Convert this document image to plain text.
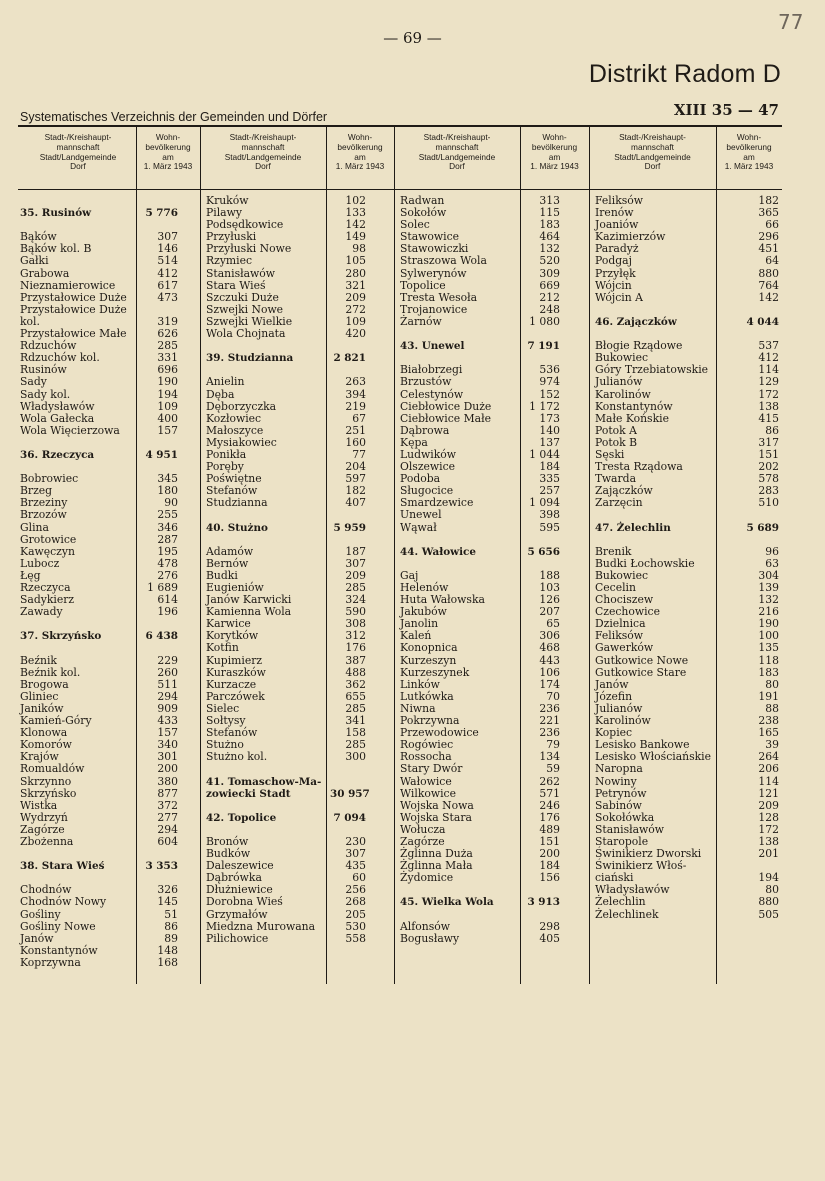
— 69 —
77
Distrikt Radom D
Systematisches Verzeichnis der Gemeinden und Dörfer	XIII 35 — 47
Stadt-/Kreishaupt-
mannschaft
Stadt/Landgemeinde
Dorf
Wohn-
bevölkerung
am
1. März 1943
Stadt-/Kreishaupt-
mannschaft
Stadt/Landgemeinde
Dorf
Wohn-
bevölkerung
am
1. März 1943
Stadt-/Kreishaupt-
mannschaft
Stadt/Landgemeinde
Dorf
Wohn-
bevölkerung
am
1. März 1943
Stadt-/Kreishaupt-
mannschaft
Stadt/Landgemeinde
Dorf
Wohn-
bevölkerung
am
1. März 1943
35. Rusinów	5 776
Bąków	307
Bąków kol. B	146
Gałki	514
Grabowa	412
Nieznamierowice	617
Przystałowice Duże	473
Przystałowice Duże
kol.	319
Przystałowice Małe	626
Rdzuchów	285
Rdzuchów kol.	331
Rusinów	696
Sady	190
Sady kol.	194
Władysławów	109
Wola Gałecka	400
Wola Więcierzowa	157
36. Rzeczyca	4 951
Bobrowiec	345
Brzeg	180
Brzeziny	90
Brzozów	255
Glina	346
Grotowice	287
Kawęczyn	195
Lubocz	478
Łęg	276
Rzeczyca	1 689
Sadykierz	614
Zawady	196
37. Skrzyńsko	6 438
Beźnik	229
Beźnik kol.	260
Brogowa	511
Gliniec	294
Janików	909
Kamień-Góry	433
Klonowa	157
Komorów	340
Krajów	301
Romualdów	200
Skrzynno	380
Skrzyńsko	877
Wistka	372
Wydrzyń	277
Zagórze	294
Zbożenna	604
38. Stara Wieś	3 353
Chodnów	326
Chodnów Nowy	145
Gośliny	51
Gośliny Nowe	86
Janów	89
Konstantynów	148
Koprzywna	168
Kruków	102
Pilawy	133
Podsędkowice	142
Przyłuski	149
Przyłuski Nowe	98
Rzymiec	105
Stanisławów	280
Stara Wieś	321
Szczuki Duże	209
Szwejki Nowe	272
Szwejki Wielkie	109
Wola Chojnata	420
39. Studzianna	2 821
Anielin	263
Dęba	394
Dęborzyczka	219
Kozłowiec	67
Małoszyce	251
Mysiakowiec	160
Ponikła	77
Poręby	204
Poświętne	597
Stefanów	182
Studzianna	407
40. Stużno	5 959
Adamów	187
Bernów	307
Budki	209
Eugieniów	285
Janów Karwicki	324
Kamienna Wola	590
Karwice	308
Korytków	312
Kotfin	176
Kupimierz	387
Kuraszków	488
Kurzacze	362
Parczówek	655
Sielec	285
Sołtysy	341
Stefanów	158
Stużno	285
Stużno kol.	300
41. Tomaschow-Ma-
zowiecki Stadt	30 957
42. Topolice	7 094
Bronów	230
Budków	307
Daleszewice	435
Dąbrówka	60
Dłużniewice	256
Dorobna Wieś	268
Grzymałów	205
Miedzna Murowana	530
Pilichowice	558
Radwan	313
Sokołów	115
Solec	183
Stawowice	464
Stawowiczki	132
Straszowa Wola	520
Sylwerynów	309
Topolice	669
Tresta Wesoła	212
Trojanowice	248
Żarnów	1 080
43. Unewel	7 191
Białobrzegi	536
Brzustów	974
Celestynów	152
Ciebłowice Duże	1 172
Ciebłowice Małe	173
Dąbrowa	140
Kępa	137
Ludwików	1 044
Olszewice	184
Podoba	335
Sługocice	257
Smardzewice	1 094
Unewel	398
Wąwał	595
44. Wałowice	5 656
Gaj	188
Helenów	103
Huta Wałowska	126
Jakubów	207
Janolin	65
Kaleń	306
Konopnica	468
Kurzeszyn	443
Kurzeszynek	106
Linków	174
Lutkówka	70
Niwna	236
Pokrzywna	221
Przewodowice	236
Rogówiec	79
Rossocha	134
Stary Dwór	59
Wałowice	262
Wilkowice	571
Wojska Nowa	246
Wojska Stara	176
Wołucza	489
Zagórze	151
Żglinna Duża	200
Żglinna Mała	184
Żydomice	156
45. Wielka Wola	3 913
Alfonsów	298
Bogusławy	405
Feliksów	182
Irenów	365
Joaniów	66
Kazimierzów	296
Paradyż	451
Podgaj	64
Przyłęk	880
Wójcin	764
Wójcin A	142
46. Zajączków	4 044
Błogie Rządowe	537
Bukowiec	412
Góry Trzebiatowskie	114
Julianów	129
Karolinów	172
Konstantynów	138
Małe Końskie	415
Potok A	86
Potok B	317
Sęski	151
Tresta Rządowa	202
Twarda	578
Zajączków	283
Zarzęcin	510
47. Żelechlin	5 689
Brenik	96
Budki Łochowskie	63
Bukowiec	304
Cecelin	139
Chociszew	132
Czechowice	216
Dzielnica	190
Feliksów	100
Gawerków	135
Gutkowice Nowe	118
Gutkowice Stare	183
Janów	80
Józefin	191
Julianów	88
Karolinów	238
Kopiec	165
Lesisko Bankowe	39
Lesisko Włościańskie	264
Naropna	206
Nowiny	114
Petrynów	121
Sabinów	209
Sokołówka	128
Stanisławów	172
Staropole	138
Świnikierz Dworski	201
Świnikierz Włoś-
ciański	194
Władysławów	80
Żelechlin	880
Żelechlinek	505
